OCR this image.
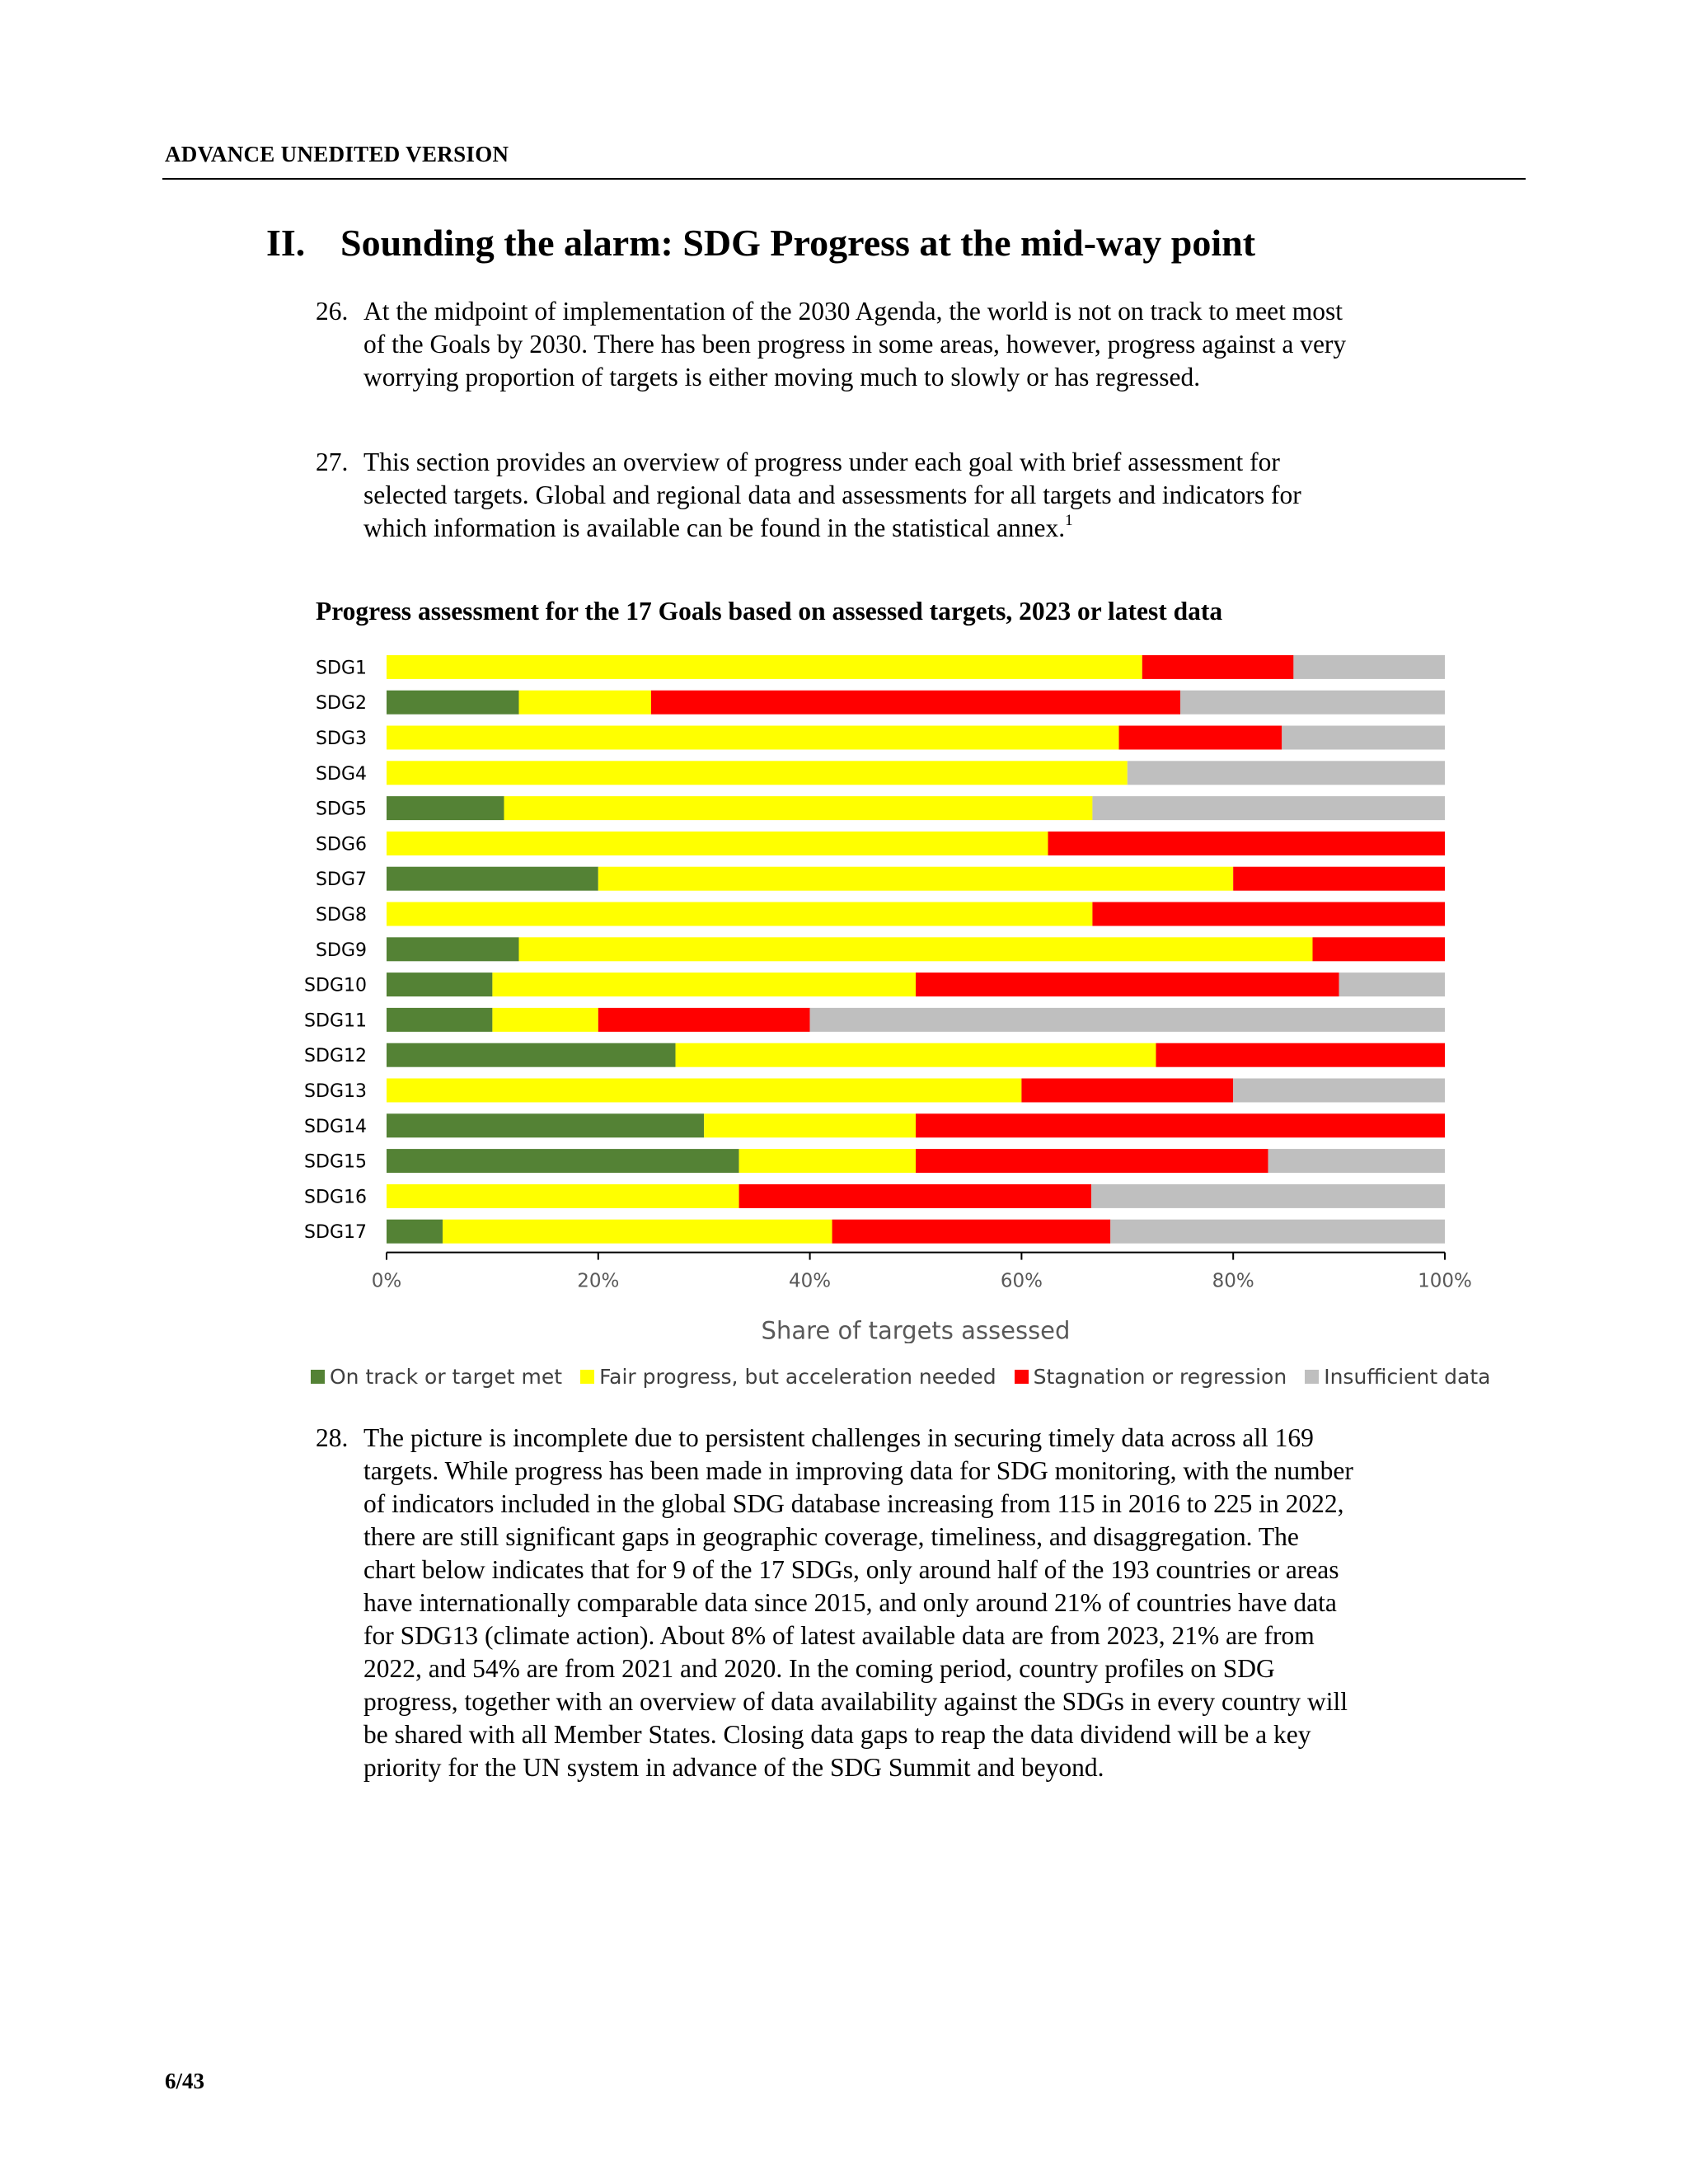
ADVANCE UNEDITED VERSION
II. Sounding the alarm: SDG Progress at the mid-way point
26. At the midpoint of implementation of the 2030 Agenda, the world is not on track to meet most of the Goals by 2030. There has been progress in some areas, however, progress against a very worrying proportion of targets is either moving much to slowly or has regressed.
27. This section provides an overview of progress under each goal with brief assessment for selected targets. Global and regional data and assessments for all targets and indicators for which information is available can be found in the statistical annex.$^1$
Progress assessment for the 17 Goals based on assessed targets, 2023 or latest data
SDG1
SDG2
SDG3
SDG4
SDG5
SDG6
SDG7
SDG8
SDG9
SDG10
SDG11
SDG12
SDG13
SDG14
SDG15
SDG16
SDG17
0%	20%	40%	60%	80%	100%
Share of targets assessed
On track or target met Fair progress, but acceleration needed Stagnation or regression Insufficient data
28. The picture is incomplete due to persistent challenges in securing timely data across all 169 targets. While progress has been made in improving data for SDG monitoring, with the number of indicators included in the global SDG database increasing from 115 in 2016 to 225 in 2022, there are still significant gaps in geographic coverage, timeliness, and disaggregation. The chart below indicates that for 9 of the 17 SDGs, only around half of the 193 countries or areas have internationally comparable data since 2015, and only around 21% of countries have data for SDG13 (climate action). About 8% of latest available data are from 2023, 21% are from 2022, and 54% are from 2021 and 2020. In the coming period, country profiles on SDG progress, together with an overview of data availability against the SDGs in every country will be shared with all Member States. Closing data gaps to reap the data dividend will be a key priority for the UN system in advance of the SDG Summit and beyond.
6/43
